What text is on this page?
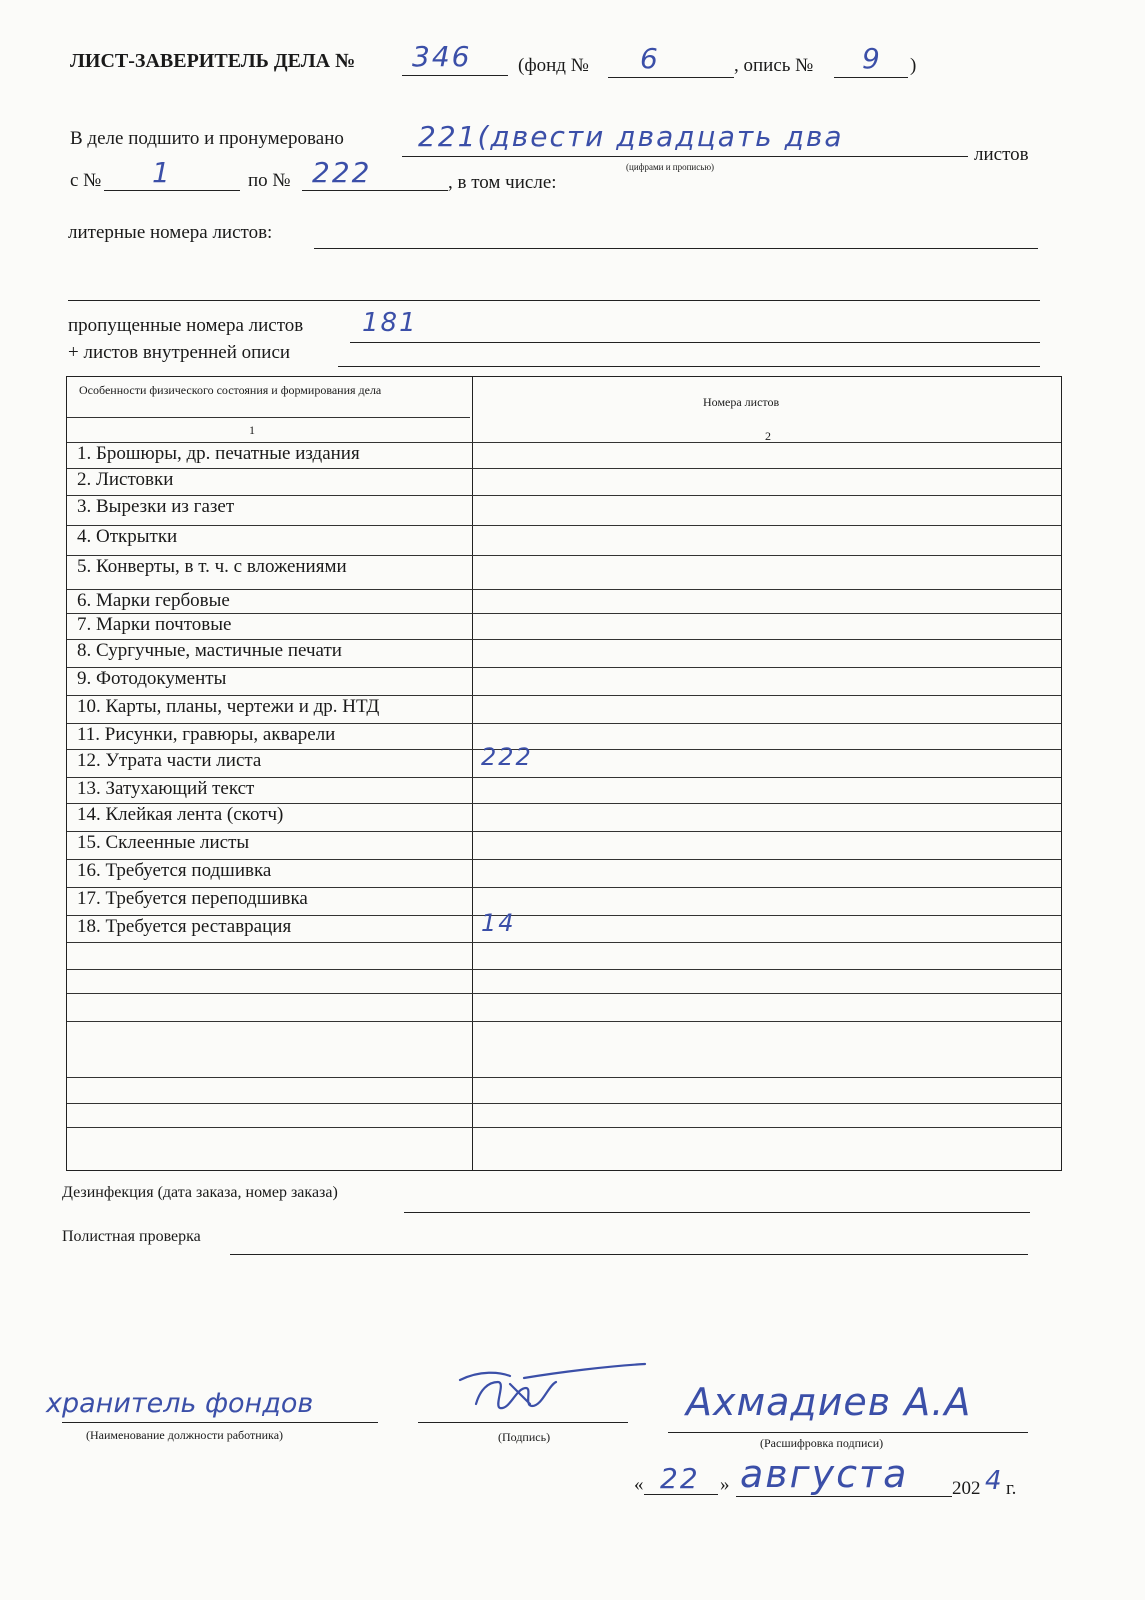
ЛИСТ-ЗАВЕРИТЕЛЬ ДЕЛА № 346 (фонд № 6	, опись № 9 )
В деле подшито и пронумеровано	221(двести двадцать два
листов
(цифрами и прописью)
с № 1	по № 222	, в том числе:
литерные номера листов:
пропущенные номера листов 181
+ листов внутренней описи
Особенности физического состояния и формирования дела
Номера листов
1	2
1. Брошюры, др. печатные издания
2. Листовки
3. Вырезки из газет
4. Открытки
5. Конверты, в т. ч. с вложениями
6. Марки гербовые
7. Марки почтовые
8. Сургучные, мастичные печати
9. Фотодокументы
10. Карты, планы, чертежи и др. НТД
11. Рисунки, гравюры, акварели
12. Утрата части листа	222
13. Затухающий текст
14. Клейкая лента (скотч)
15. Склеенные листы
16. Требуется подшивка
17. Требуется переподшивка
18. Требуется реставрация	14
Дезинфекция (дата заказа, номер заказа)
Полистная проверка
хранитель фондов
(Наименование должности работника)	(Подпись)
Ахмадиев А.А
(Расшифровка подписи)
« 22 » августа 202 4 г.
